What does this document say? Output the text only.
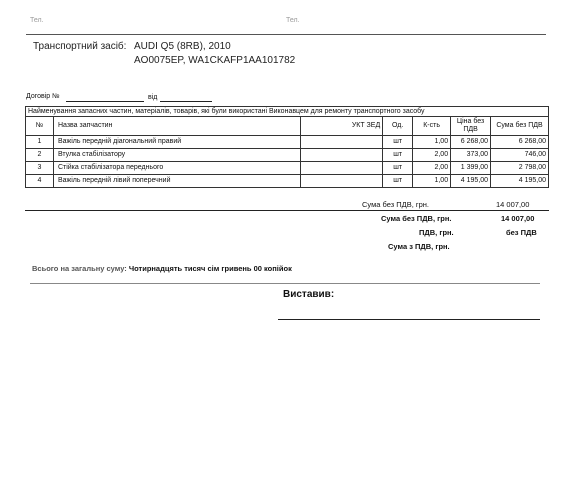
Тел.	Тел.
Транспортний засіб: AUDI Q5 (8RB), 2010
AO0075EP, WA1CKAFP1AA101782
Договір №	від
Найменування запасних частин, матеріалів, товарів, які були використані Виконавцем для ремонту транспортного засобу
№	Назва запчастин	УКТ ЗЕД	Од.	К-сть	Ціна без ПДВ	Сума без ПДВ
1	Важіль передній діагональний правий		шт	1,00	6 268,00	6 268,00
2	Втулка стабілізатору		шт	2,00	373,00	746,00
3	Стійка стабілізатора переднього		шт	2,00	1 399,00	2 798,00
4	Важіль передній лівий поперечний		шт	1,00	4 195,00	4 195,00
Сума без ПДВ, грн.	14 007,00
Сума без ПДВ, грн.	14 007,00
ПДВ, грн.	без ПДВ
Сума з ПДВ, грн.
Всього на загальну суму: Чотирнадцять тисяч сім гривень 00 копійок
Виставив:
